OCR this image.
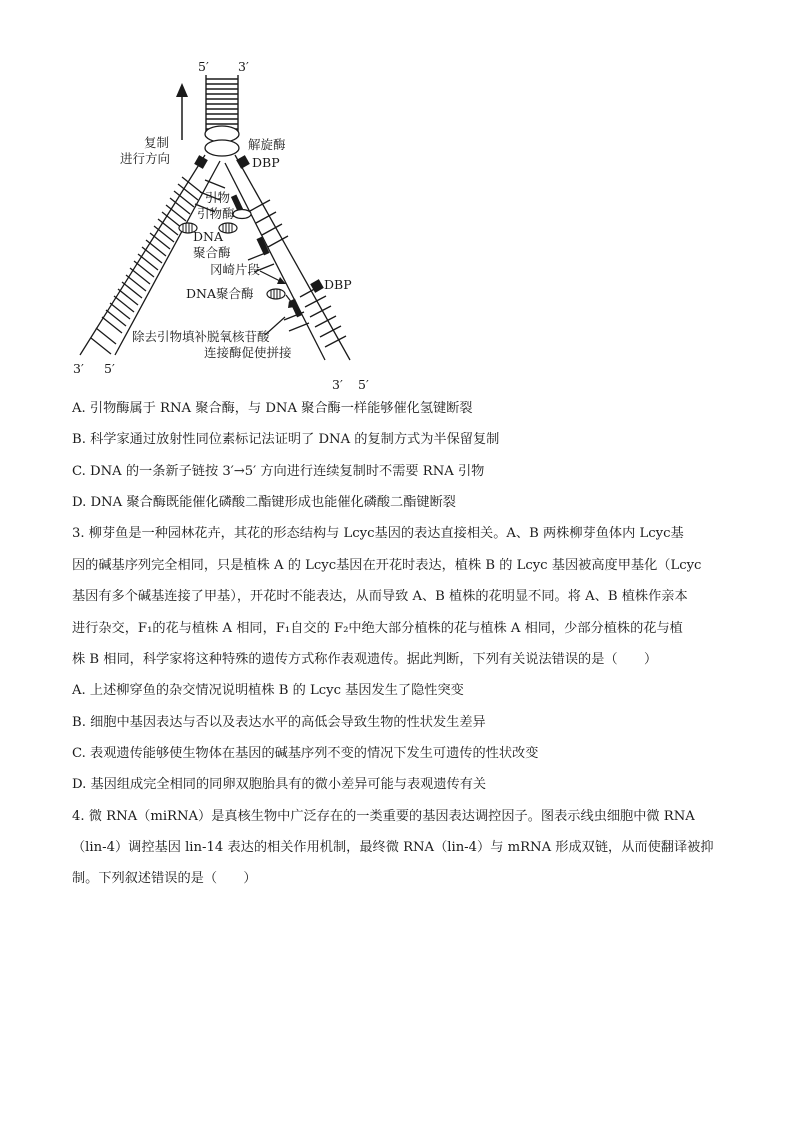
5′ 3′
复制
进行方向
解旋酶
DBP
引物
引物酶
DNA
聚合酶
冈崎片段
DBP
DNA聚合酶
除去引物填补脱氧核苷酸
连接酶促使拼接
3′ 5′
3′ 5′
A. 引物酶属于 RNA 聚合酶，与 DNA 聚合酶一样能够催化氢键断裂
B. 科学家通过放射性同位素标记法证明了 DNA 的复制方式为半保留复制
C. DNA 的一条新子链按 3′→5′ 方向进行连续复制时不需要 RNA 引物
D. DNA 聚合酶既能催化磷酸二酯键形成也能催化磷酸二酯键断裂
3. 柳芽鱼是一种园林花卉，其花的形态结构与 Lcyc基因的表达直接相关。A、B 两株柳芽鱼体内 Lcyc基
因的碱基序列完全相同，只是植株 A 的 Lcyc基因在开花时表达，植株 B 的 Lcyc 基因被高度甲基化（Lcyc
基因有多个碱基连接了甲基），开花时不能表达，从而导致 A、B 植株的花明显不同。将 A、B 植株作亲本
进行杂交，F₁的花与植株 A 相同，F₁自交的 F₂中绝大部分植株的花与植株 A 相同，少部分植株的花与植
株 B 相同，科学家将这种特殊的遗传方式称作表观遗传。据此判断，下列有关说法错误的是（　　）
A. 上述柳穿鱼的杂交情况说明植株 B 的 Lcyc 基因发生了隐性突变
B. 细胞中基因表达与否以及表达水平的高低会导致生物的性状发生差异
C. 表观遗传能够使生物体在基因的碱基序列不变的情况下发生可遗传的性状改变
D. 基因组成完全相同的同卵双胞胎具有的微小差异可能与表观遗传有关
4. 微 RNA（miRNA）是真核生物中广泛存在的一类重要的基因表达调控因子。图表示线虫细胞中微 RNA
（lin-4）调控基因 lin-14 表达的相关作用机制，最终微 RNA（lin-4）与 mRNA 形成双链，从而使翻译被抑
制。下列叙述错误的是（　　）
